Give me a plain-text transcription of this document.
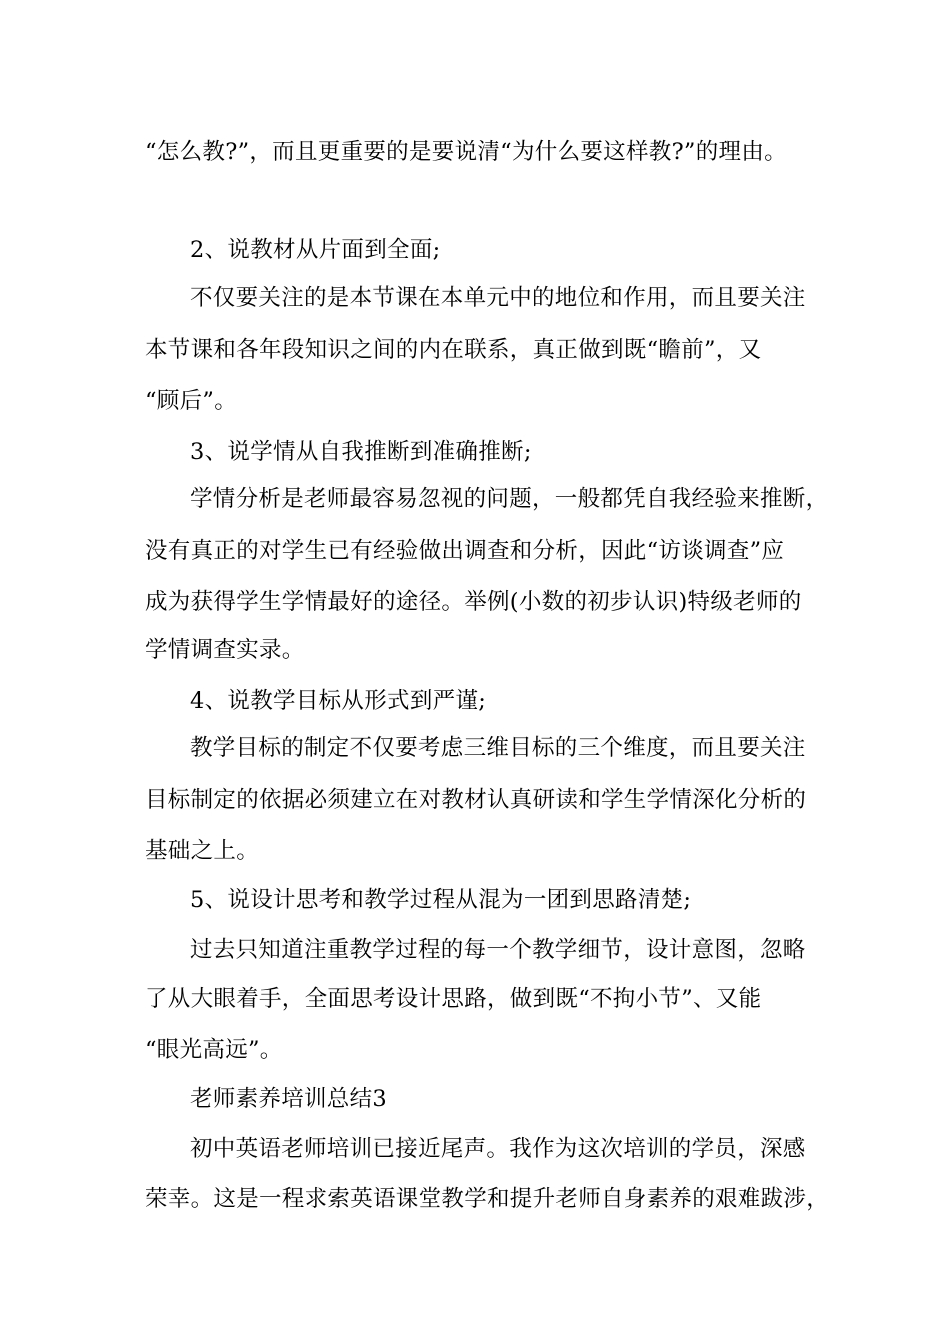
“怎么教?”，而且更重要的是要说清“为什么要这样教?”的理由。
2、说教材从片面到全面;
不仅要关注的是本节课在本单元中的地位和作用，而且要关注
本节课和各年段知识之间的内在联系，真正做到既“瞻前”，又
“顾后”。
3、说学情从自我推断到准确推断;
学情分析是老师最容易忽视的问题，一般都凭自我经验来推断，
没有真正的对学生已有经验做出调查和分析，因此“访谈调查”应
成为获得学生学情最好的途径。举例(小数的初步认识)特级老师的
学情调查实录。
4、说教学目标从形式到严谨;
教学目标的制定不仅要考虑三维目标的三个维度，而且要关注
目标制定的依据必须建立在对教材认真研读和学生学情深化分析的
基础之上。
5、说设计思考和教学过程从混为一团到思路清楚;
过去只知道注重教学过程的每一个教学细节，设计意图，忽略
了从大眼着手，全面思考设计思路，做到既“不拘小节”、又能
“眼光高远”。
老师素养培训总结3
初中英语老师培训已接近尾声。我作为这次培训的学员，深感
荣幸。这是一程求索英语课堂教学和提升老师自身素养的艰难跋涉，
